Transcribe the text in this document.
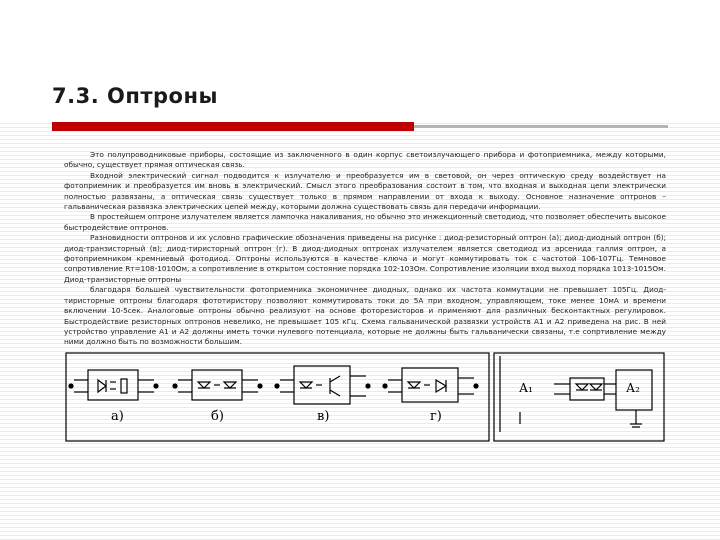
7.3. Оптроны

Это полупроводниковые приборы, состоящие из заключенного в один корпус светоизлучающего прибора и фотоприемника, между которыми, обычно, существует прямая оптическая связь.

Входной электрический сигнал подводится к излучателю и преобразуется им в световой, он через оптическую среду воздействует на фотоприемник и преобразуется им вновь в электрический. Смысл этого преобразования состоит в том, что входная и выходная цепи электрически полностью развязаны, а оптическая связь существует только в прямом направлении от входа к выходу. Основное назначение оптронов – гальваническая развязка электрических цепей между, которыми должна существовать связь для передачи информации.

В простейшем оптроне излучателем является лампочка накаливания, но обычно это инжекционный светодиод, что позволяет обеспечить высокое быстродействие оптронов.

Разновидности оптронов и их условно графические обозначения приведены на рисунке : диод-резисторный оптрон (а); диод-диодный оптрон (б); диод-транзисторный (в); диод-тиристорный оптрон (г). В диод-диодных оптронах излучателем является светодиод из арсенида галлия оптрон, а фотоприемником кремниевый фотодиод. Оптроны используются в качестве ключа и могут коммутировать ток с частотой 106-107Гц. Темновое сопротивление Rт=108-1010Ом, а сопротивление в открытом состояние порядка 102-103Ом. Сопротивление изоляции вход выход порядка 1013-1015Ом. Диод-транзисторные оптроны

благодаря большей чувствительности фотоприемника экономичнее диодных, однако их частота коммутации не превышает 105Гц. Диод-тиристорные оптроны благодаря фототиристору позволяют коммутировать токи до 5А при входном, управляющем, токе менее 10мА и времени включении 10-5сек. Аналоговые оптроны обычно реализуют на основе фоторезисторов и применяют для различных бесконтактных регулировок. Быстродействие резисторных оптронов невелико, не превышает 105 кГц. Схема гальванической развязки устройств А1 и А2 приведена на рис. В ней устройство управление А1 и А2 должны иметь точки нулевого потенциала, которые не должны быть гальванически связаны, т.е сопртивление между ними должно быть по возможности большим.

а)	б)	в)	г)
А₁	А₂
